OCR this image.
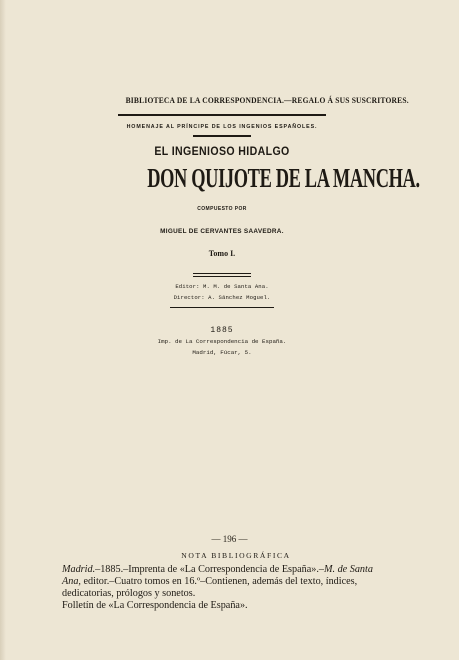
BIBLIOTECA DE LA CORRESPONDENCIA.—REGALO Á SUS SUSCRITORES.
HOMENAJE AL PRÍNCIPE DE LOS INGENIOS ESPAÑOLES.
EL INGENIOSO HIDALGO
DON QUIJOTE DE LA MANCHA.
COMPUESTO POR
MIGUEL DE CERVANTES SAAVEDRA.
Tomo I.
Editor: M. M. de Santa Ana.
Director: A. Sánchez Moguel.
1885
Imp. de La Correspondencia de España.
Madrid, Fúcar, 5.
— 196 —
NOTA BIBLIOGRÁFICA
Madrid.–1885.–Imprenta de «La Correspondencia de España».–M. de Santa
Ana, editor.–Cuatro tomos en 16.º–Contienen, además del texto, índices,
dedicatorias, prólogos y sonetos.
Folletín de «La Correspondencia de España».
